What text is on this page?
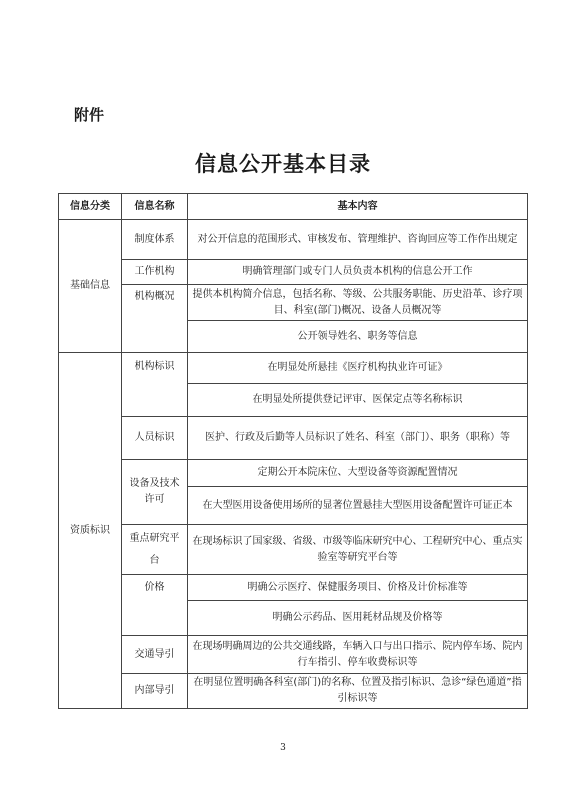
附件
信息公开基本目录
信息分类	信息名称	基本内容
基础信息	制度体系	对公开信息的范围形式、审核发布、管理维护、咨询回应等工作作出规定
	工作机构	明确管理部门或专门人员负责本机构的信息公开工作
	机构概况	提供本机构简介信息，包括名称、等级、公共服务职能、历史沿革、诊疗项目、科室(部门)概况、设备人员概况等
		公开领导姓名、职务等信息
资质标识	机构标识	在明显处所悬挂《医疗机构执业许可证》
		在明显处所提供登记评审、医保定点等名称标识
	人员标识	医护、行政及后勤等人员标识了姓名、科室（部门）、职务（职称）等
	设备及技术许可	定期公开本院床位、大型设备等资源配置情况
		在大型医用设备使用场所的显著位置悬挂大型医用设备配置许可证正本
	重点研究平台	在现场标识了国家级、省级、市级等临床研究中心、工程研究中心、重点实验室等研究平台等
	价格	明确公示医疗、保健服务项目、价格及计价标准等
		明确公示药品、医用耗材品规及价格等
	交通导引	在现场明确周边的公共交通线路，车辆入口与出口指示、院内停车场、院内行车指引、停车收费标识等
	内部导引	在明显位置明确各科室(部门)的名称、位置及指引标识、急诊“绿色通道”指引标识等
3
